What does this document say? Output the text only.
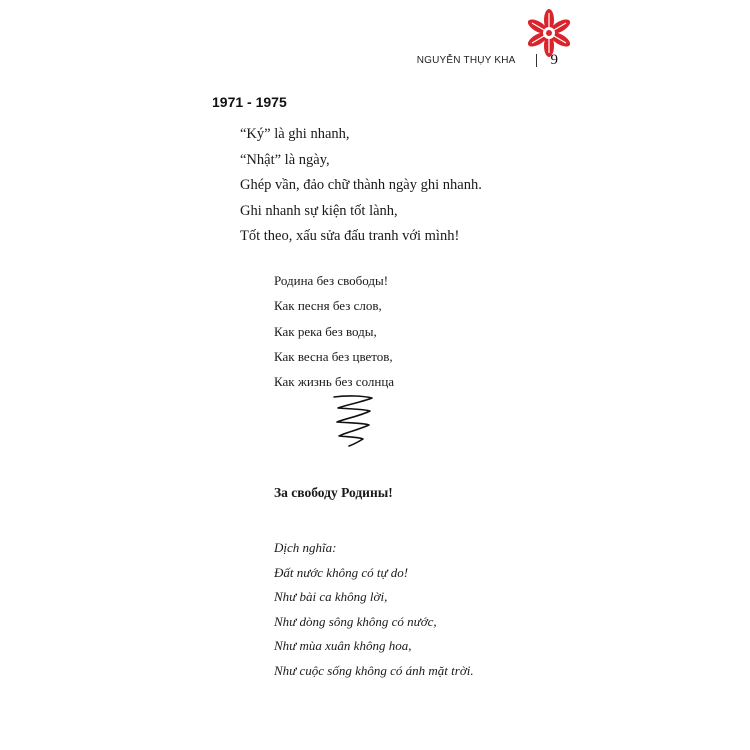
NGUYỄN THỤY KHA 9
1971 - 1975
“Ký” là ghi nhanh,
“Nhật” là ngày,
Ghép vần, đảo chữ thành ngày ghi nhanh.
Ghi nhanh sự kiện tốt lành,
Tốt theo, xấu sửa đấu tranh với mình!
Родина без свободы!
Как песня без слов,
Как река без воды,
Как весна без цветов,
Как жизнь без солнца
За свободу Родины!
Dịch nghĩa:
Đất nước không có tự do!
Như bài ca không lời,
Như dòng sông không có nước,
Như mùa xuân không hoa,
Như cuộc sống không có ánh mặt trời.
